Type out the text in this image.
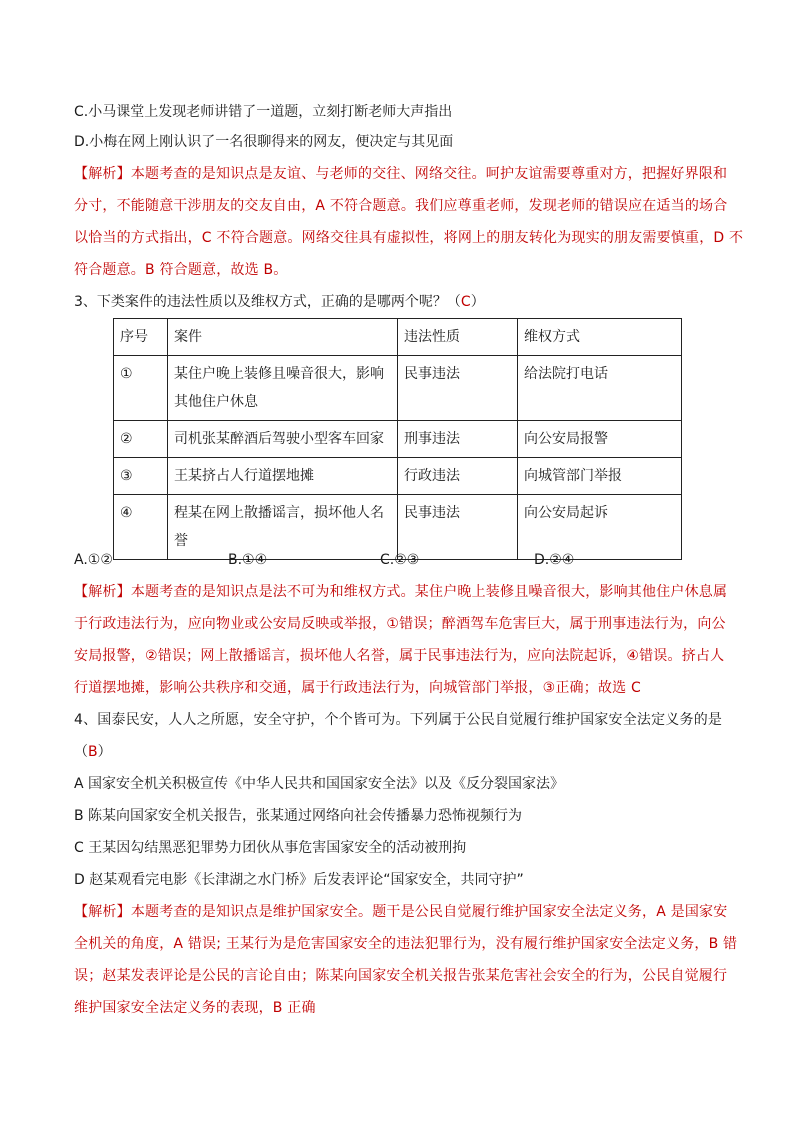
C.小马课堂上发现老师讲错了一道题，立刻打断老师大声指出
D.小梅在网上刚认识了一名很聊得来的网友，便决定与其见面
【解析】本题考查的是知识点是友谊、与老师的交往、网络交往。呵护友谊需要尊重对方，把握好界限和
分寸，不能随意干涉朋友的交友自由，A 不符合题意。我们应尊重老师，发现老师的错误应在适当的场合
以恰当的方式指出，C 不符合题意。网络交往具有虚拟性，将网上的朋友转化为现实的朋友需要慎重，D 不
符合题意。B 符合题意，故选 B。
3、下类案件的违法性质以及维权方式，正确的是哪两个呢？（C）
序号	案件	违法性质	维权方式
①	某住户晚上装修且噪音很大，影响其他住户休息	民事违法	给法院打电话
②	司机张某醉酒后驾驶小型客车回家	刑事违法	向公安局报警
③	王某挤占人行道摆地摊	行政违法	向城管部门举报
④	程某在网上散播谣言，损坏他人名誉	民事违法	向公安局起诉
A.①②	B.①④	C.②③	D.②④
【解析】本题考查的是知识点是法不可为和维权方式。某住户晚上装修且噪音很大，影响其他住户休息属
于行政违法行为，应向物业或公安局反映或举报，①错误；醉酒驾车危害巨大，属于刑事违法行为，向公
安局报警，②错误；网上散播谣言，损坏他人名誉，属于民事违法行为，应向法院起诉，④错误。挤占人
行道摆地摊，影响公共秩序和交通，属于行政违法行为，向城管部门举报，③正确；故选 C
4、国泰民安，人人之所愿，安全守护，个个皆可为。下列属于公民自觉履行维护国家安全法定义务的是
（B）
A 国家安全机关积极宣传《中华人民共和国国家安全法》以及《反分裂国家法》
B 陈某向国家安全机关报告，张某通过网络向社会传播暴力恐怖视频行为
C 王某因勾结黑恶犯罪势力团伙从事危害国家安全的活动被刑拘
D 赵某观看完电影《长津湖之水门桥》后发表评论“国家安全，共同守护”
【解析】本题考查的是知识点是维护国家安全。题干是公民自觉履行维护国家安全法定义务，A 是国家安
全机关的角度，A 错误; 王某行为是危害国家安全的违法犯罪行为，没有履行维护国家安全法定义务，B 错
误；赵某发表评论是公民的言论自由；陈某向国家安全机关报告张某危害社会安全的行为，公民自觉履行
维护国家安全法定义务的表现，B 正确
